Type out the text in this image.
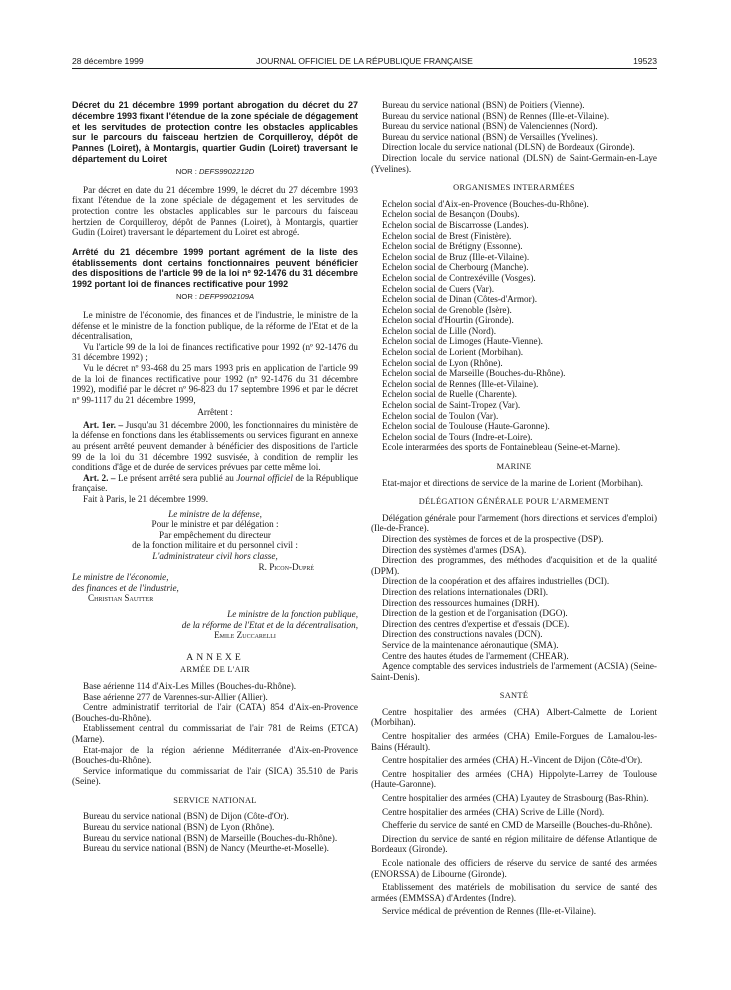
28 décembre 1999	JOURNAL OFFICIEL DE LA RÉPUBLIQUE FRANÇAISE	19523

Décret du 21 décembre 1999 portant abrogation du décret du 27 décembre 1993 fixant l'étendue de la zone spéciale de dégagement et les servitudes de protection contre les obstacles applicables sur le parcours du faisceau hertzien de Corquilleroy, dépôt de Pannes (Loiret), à Montargis, quartier Gudin (Loiret) traversant le département du Loiret

NOR : DEFS9902212D

Par décret en date du 21 décembre 1999, le décret du 27 décembre 1993 fixant l'étendue de la zone spéciale de dégagement et les servitudes de protection contre les obstacles applicables sur le parcours du faisceau hertzien de Corquilleroy, dépôt de Pannes (Loiret), à Montargis, quartier Gudin (Loiret) traversant le département du Loiret est abrogé.

Arrêté du 21 décembre 1999 portant agrément de la liste des établissements dont certains fonctionnaires peuvent bénéficier des dispositions de l'article 99 de la loi nº 92-1476 du 31 décembre 1992 portant loi de finances rectificative pour 1992

NOR : DEFP9902109A

Le ministre de l'économie, des finances et de l'industrie, le ministre de la défense et le ministre de la fonction publique, de la réforme de l'Etat et de la décentralisation,

Vu l'article 99 de la loi de finances rectificative pour 1992 (nº 92-1476 du 31 décembre 1992) ;

Vu le décret nº 93-468 du 25 mars 1993 pris en application de l'article 99 de la loi de finances rectificative pour 1992 (nº 92-1476 du 31 décembre 1992), modifié par le décret nº 96-823 du 17 septembre 1996 et par le décret nº 99-1117 du 21 décembre 1999,

Arrêtent :

Art. 1er. – Jusqu'au 31 décembre 2000, les fonctionnaires du ministère de la défense en fonctions dans les établissements ou services figurant en annexe au présent arrêté peuvent demander à bénéficier des dispositions de l'article 99 de la loi du 31 décembre 1992 susvisée, à condition de remplir les conditions d'âge et de durée de services prévues par cette même loi.

Art. 2. – Le présent arrêté sera publié au Journal officiel de la République française.

Fait à Paris, le 21 décembre 1999.

Le ministre de la défense,

Pour le ministre et par délégation :

Par empêchement du directeur

de la fonction militaire et du personnel civil :

L'administrateur civil hors classe,

R. Picon-Dupré

Le ministre de l'économie,

des finances et de l'industrie,

Christian Sautter

Le ministre de la fonction publique,

de la réforme de l'Etat et de la décentralisation,

Emile Zuccarelli

ANNEXE

ARMÉE DE L'AIR

Base aérienne 114 d'Aix-Les Milles (Bouches-du-Rhône).

Base aérienne 277 de Varennes-sur-Allier (Allier).

Centre administratif territorial de l'air (CATA) 854 d'Aix-en-Provence (Bouches-du-Rhône).

Etablissement central du commissariat de l'air 781 de Reims (ETCA) (Marne).

Etat-major de la région aérienne Méditerranée d'Aix-en-Provence (Bouches-du-Rhône).

Service informatique du commissariat de l'air (SICA) 35.510 de Paris (Seine).

SERVICE NATIONAL

Bureau du service national (BSN) de Dijon (Côte-d'Or).

Bureau du service national (BSN) de Lyon (Rhône).

Bureau du service national (BSN) de Marseille (Bouches-du-Rhône).

Bureau du service national (BSN) de Nancy (Meurthe-et-Moselle).

Bureau du service national (BSN) de Poitiers (Vienne).

Bureau du service national (BSN) de Rennes (Ille-et-Vilaine).

Bureau du service national (BSN) de Valenciennes (Nord).

Bureau du service national (BSN) de Versailles (Yvelines).

Direction locale du service national (DLSN) de Bordeaux (Gironde).

Direction locale du service national (DLSN) de Saint-Germain-en-Laye (Yvelines).

ORGANISMES INTERARMÉES

Echelon social d'Aix-en-Provence (Bouches-du-Rhône).

Echelon social de Besançon (Doubs).

Echelon social de Biscarrosse (Landes).

Echelon social de Brest (Finistère).

Echelon social de Brétigny (Essonne).

Echelon social de Bruz (Ille-et-Vilaine).

Echelon social de Cherbourg (Manche).

Echelon social de Contrexéville (Vosges).

Echelon social de Cuers (Var).

Echelon social de Dinan (Côtes-d'Armor).

Echelon social de Grenoble (Isère).

Echelon social d'Hourtin (Gironde).

Echelon social de Lille (Nord).

Echelon social de Limoges (Haute-Vienne).

Echelon social de Lorient (Morbihan).

Echelon social de Lyon (Rhône).

Echelon social de Marseille (Bouches-du-Rhône).

Echelon social de Rennes (Ille-et-Vilaine).

Echelon social de Ruelle (Charente).

Echelon social de Saint-Tropez (Var).

Echelon social de Toulon (Var).

Echelon social de Toulouse (Haute-Garonne).

Echelon social de Tours (Indre-et-Loire).

Ecole interarmées des sports de Fontainebleau (Seine-et-Marne).

MARINE

Etat-major et directions de service de la marine de Lorient (Morbihan).

DÉLÉGATION GÉNÉRALE POUR L'ARMEMENT

Délégation générale pour l'armement (hors directions et services d'emploi) (Ile-de-France).

Direction des systèmes de forces et de la prospective (DSP).

Direction des systèmes d'armes (DSA).

Direction des programmes, des méthodes d'acquisition et de la qualité (DPM).

Direction de la coopération et des affaires industrielles (DCI).

Direction des relations internationales (DRI).

Direction des ressources humaines (DRH).

Direction de la gestion et de l'organisation (DGO).

Direction des centres d'expertise et d'essais (DCE).

Direction des constructions navales (DCN).

Service de la maintenance aéronautique (SMA).

Centre des hautes études de l'armement (CHEAR).

Agence comptable des services industriels de l'armement (ACSIA) (Seine-Saint-Denis).

SANTÉ

Centre hospitalier des armées (CHA) Albert-Calmette de Lorient (Morbihan).

Centre hospitalier des armées (CHA) Emile-Forgues de Lamalou-les-Bains (Hérault).

Centre hospitalier des armées (CHA) H.-Vincent de Dijon (Côte-d'Or).

Centre hospitalier des armées (CHA) Hippolyte-Larrey de Toulouse (Haute-Garonne).

Centre hospitalier des armées (CHA) Lyautey de Strasbourg (Bas-Rhin).

Centre hospitalier des armées (CHA) Scrive de Lille (Nord).

Chefferie du service de santé en CMD de Marseille (Bouches-du-Rhône).

Direction du service de santé en région militaire de défense Atlantique de Bordeaux (Gironde).

Ecole nationale des officiers de réserve du service de santé des armées (ENORSSA) de Libourne (Gironde).

Etablissement des matériels de mobilisation du service de santé des armées (EMMSSA) d'Ardentes (Indre).

Service médical de prévention de Rennes (Ille-et-Vilaine).
